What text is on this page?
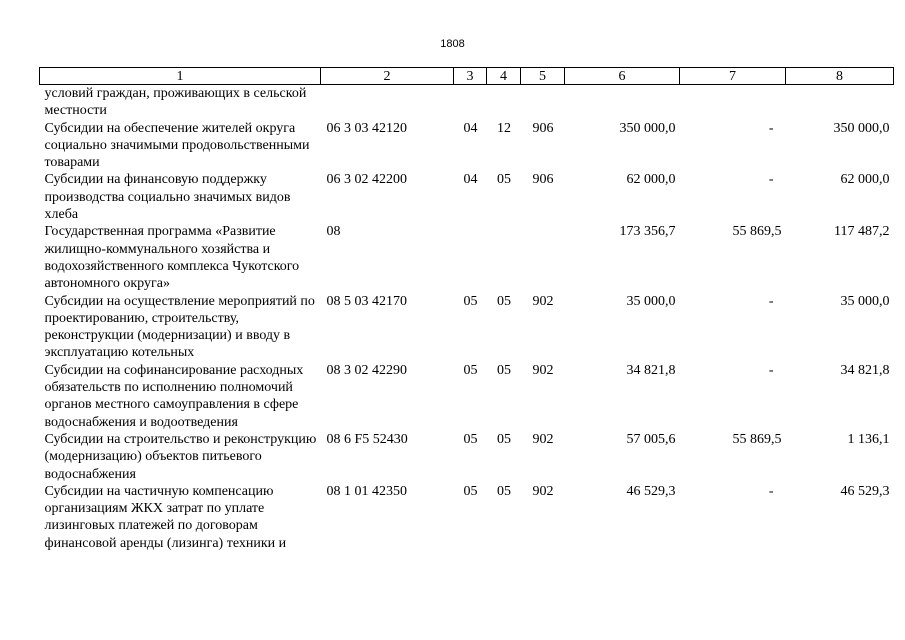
1808
1	2	3	4	5	6	7	8
условий граждан, проживающих в сельской местности							
Субсидии на обеспечение жителей округа социально значимыми продовольственными товарами	06 3 03 42120	04	12	906	350 000,0	-	350 000,0
Субсидии на финансовую поддержку производства социально значимых видов хлеба	06 3 02 42200	04	05	906	62 000,0	-	62 000,0
Государственная программа «Развитие жилищно-коммунального хозяйства и водохозяйственного комплекса Чукотского автономного округа»	08				173 356,7	55 869,5	117 487,2
Субсидии на осуществление мероприятий по проектированию, строительству, реконструкции (модернизации) и вводу в эксплуатацию котельных	08 5 03 42170	05	05	902	35 000,0	-	35 000,0
Субсидии на софинансирование расходных обязательств по исполнению полномочий органов местного самоуправления в сфере водоснабжения и водоотведения	08 3 02 42290	05	05	902	34 821,8	-	34 821,8
Субсидии на строительство и реконструкцию (модернизацию) объектов питьевого водоснабжения	08 6 F5 52430	05	05	902	57 005,6	55 869,5	1 136,1
Субсидии на частичную компенсацию организациям ЖКХ затрат по уплате лизинговых платежей по договорам финансовой аренды (лизинга) техники и	08 1 01 42350	05	05	902	46 529,3	-	46 529,3
